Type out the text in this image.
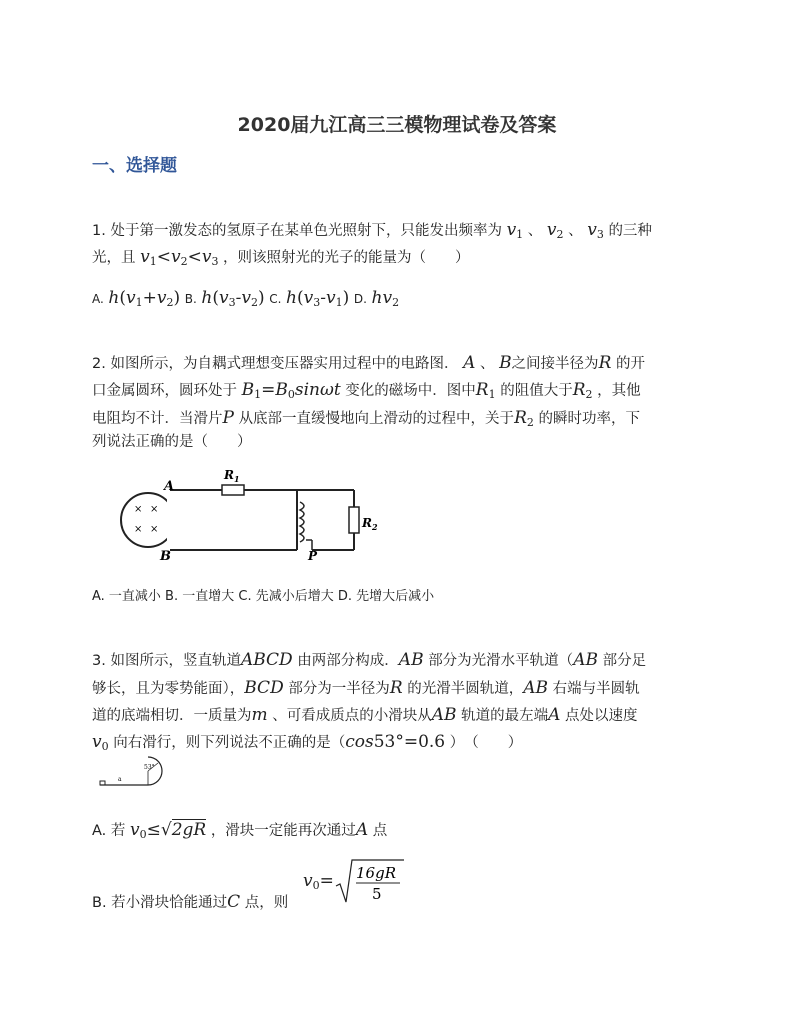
2020届九江高三三模物理试卷及答案
一、选择题
1. 处于第一激发态的氢原子在某单色光照射下，只能发出频率为 $v_1$ 、 $v_2$ 、 $v_3$ 的三种
光，且 $v_1<v_2<v_3$ ，则该照射光的光子的能量为（　　）
A. $h(v_1+v_2)$ B. $h(v_3-v_2)$ C. $h(v_3-v_1)$ D. $hv_2$
2. 如图所示，为自耦式理想变压器实用过程中的电路图． A 、 B之间接半径为R 的开
口金属圆环，圆环处于 $B_1=B_0\sin\omega t$ 变化的磁场中．图中$R_1$ 的阻值大于$R_2$ ，其他
电阻均不计．当滑片P 从底部一直缓慢地向上滑动的过程中，关于$R_2$ 的瞬时功率，下
列说法正确的是（　　）
× ×
× ×
A
B
$R_1$
$R_2$
P
A. 一直减小 B. 一直增大 C. 先减小后增大 D. 先增大后减小
3. 如图所示，竖直轨道ABCD 由两部分构成．AB 部分为光滑水平轨道（AB 部分足
够长，且为零势能面），BCD 部分为一半径为R 的光滑半圆轨道，AB 右端与半圆轨
道的底端相切．一质量为m 、可看成质点的小滑块从AB 轨道的最左端A 点处以速度
$v_0$ 向右滑行，则下列说法不正确的是（cos53°=0.6 ）　（　　）
a
53°
A. 若 $v_0\le√2gR$ ，滑块一定能再次通过A 点
B. 若小滑块恰能通过C 点，则
$v_0= 16gR$
5
